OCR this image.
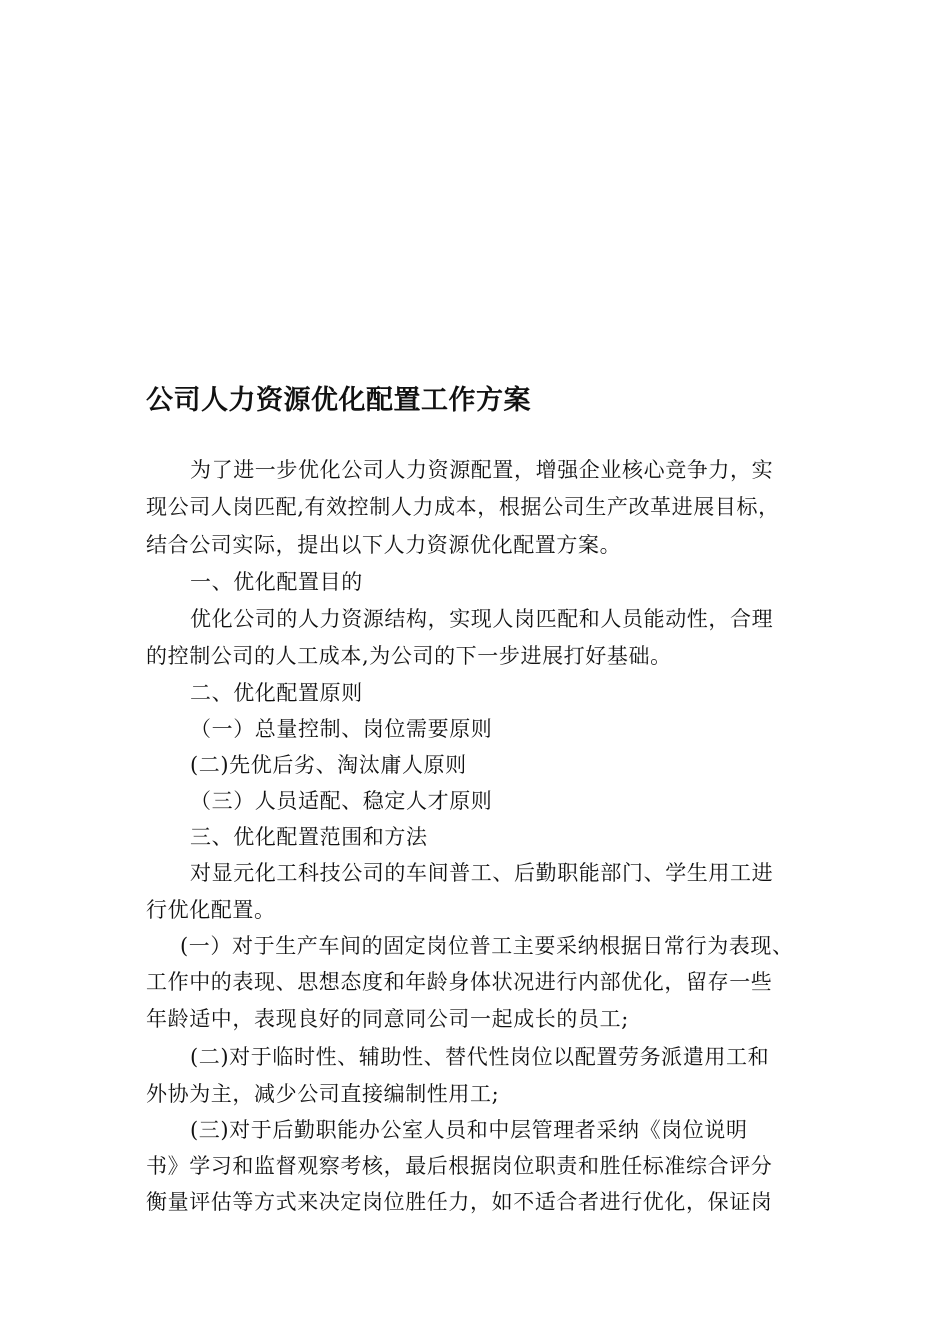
公司人力资源优化配置工作方案
为了进一步优化公司人力资源配置，增强企业核心竞争力，实
现公司人岗匹配,有效控制人力成本，根据公司生产改革进展目标，
结合公司实际，提出以下人力资源优化配置方案。
一、优化配置目的
优化公司的人力资源结构，实现人岗匹配和人员能动性，合理
的控制公司的人工成本,为公司的下一步进展打好基础。
二、优化配置原则
（一）总量控制、岗位需要原则
(二)先优后劣、淘汰庸人原则
（三）人员适配、稳定人才原则
三、优化配置范围和方法
对显元化工科技公司的车间普工、后勤职能部门、学生用工进
行优化配置。
(一）对于生产车间的固定岗位普工主要采纳根据日常行为表现、
工作中的表现、思想态度和年龄身体状况进行内部优化，留存一些
年龄适中，表现良好的同意同公司一起成长的员工;
(二)对于临时性、辅助性、替代性岗位以配置劳务派遣用工和
外协为主，减少公司直接编制性用工;
(三)对于后勤职能办公室人员和中层管理者采纳《岗位说明
书》学习和监督观察考核，最后根据岗位职责和胜任标准综合评分
衡量评估等方式来决定岗位胜任力，如不适合者进行优化，保证岗
